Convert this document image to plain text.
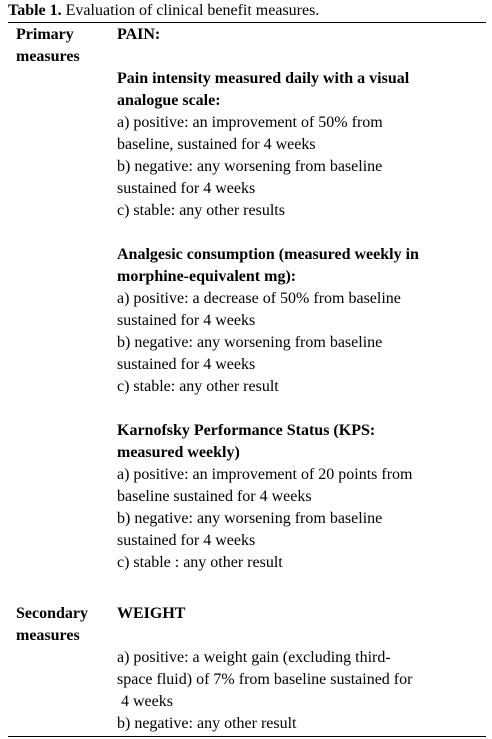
Table 1. Evaluation of clinical benefit measures.
Primary
measures
PAIN:
Pain intensity measured daily with a visual
analogue scale:
a) positive: an improvement of 50% from
baseline, sustained for 4 weeks
b) negative: any worsening from baseline
sustained for 4 weeks
c) stable: any other results
Analgesic consumption (measured weekly in
morphine-equivalent mg):
a) positive: a decrease of 50% from baseline
sustained for 4 weeks
b) negative: any worsening from baseline
sustained for 4 weeks
c) stable: any other result
Karnofsky Performance Status (KPS:
measured weekly)
a) positive: an improvement of 20 points from
baseline sustained for 4 weeks
b) negative: any worsening from baseline
sustained for 4 weeks
c) stable : any other result
Secondary
measures
WEIGHT
a) positive: a weight gain (excluding third-
space fluid) of 7% from baseline sustained for
4 weeks
b) negative: any other result
